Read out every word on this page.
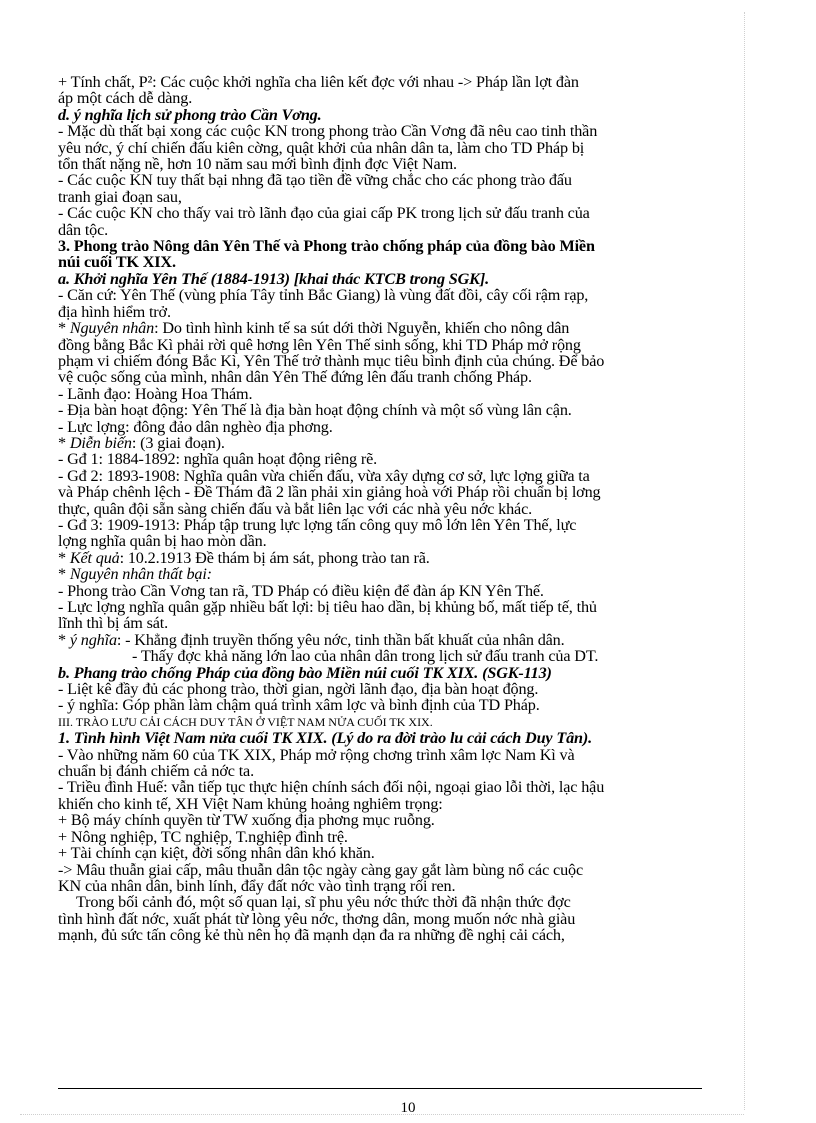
+ Tính chất, P²: Các cuộc khởi nghĩa cha liên kết đợc với nhau -> Pháp lần lợt đàn

áp một cách dễ dàng.

d. ý nghĩa lịch sử phong trào Cần Vơng.

- Mặc dù thất bại xong các cuộc KN trong phong trào Cần Vơng đã nêu cao tinh thần

yêu nớc, ý chí chiến đấu kiên cờng, quật khởi của nhân dân ta, làm cho TD Pháp bị

tổn thất nặng nề, hơn 10 năm sau mới bình định đợc Việt Nam.

- Các cuộc KN tuy thất bại nhng đã tạo tiền đề vững chắc cho các phong trào đấu

tranh giai đoạn sau,

- Các cuộc KN cho thấy vai trò lãnh đạo của giai cấp PK trong lịch sử đấu tranh của

dân tộc.

3. Phong trào Nông dân Yên Thế và Phong trào chống pháp của đồng bào Miền

núi cuối TK XIX.

a. Khởi nghĩa Yên Thế (1884-1913) [khai thác KTCB trong SGK].

- Căn cứ: Yên Thế (vùng phía Tây tỉnh Bắc Giang) là vùng đất đồi, cây cối rậm rạp,

địa hình hiểm trở.

* Nguyên nhân: Do tình hình kinh tế sa sút dới thời Nguyễn, khiến cho nông dân

đồng bằng Bắc Kì phải rời quê hơng lên Yên Thế sinh sống, khi TD Pháp mở rộng

phạm vi chiếm đóng Bắc Kì, Yên Thế trở thành mục tiêu bình định của chúng. Để bảo

vệ cuộc sống của mình, nhân dân Yên Thế đứng lên đấu tranh chống Pháp.

- Lãnh đạo: Hoàng Hoa Thám.

- Địa bàn hoạt động: Yên Thế là địa bàn hoạt động chính và một số vùng lân cận.

- Lực lợng: đông đảo dân nghèo địa phơng.

* Diễn biến: (3 giai đoạn).

- Gđ 1: 1884-1892: nghĩa quân hoạt động riêng rẽ.

- Gđ 2: 1893-1908: Nghĩa quân vừa chiến đấu, vừa xây dựng cơ sở, lực lợng giữa ta

và Pháp chênh lệch - Đề Thám đã 2 lần phải xin giảng hoà với Pháp rồi chuẩn bị lơng

thực, quân đội sẵn sàng chiến đấu và bắt liên lạc với các nhà yêu nớc khác.

- Gđ 3: 1909-1913: Pháp tập trung lực lợng tấn công quy mô lớn lên Yên Thế, lực

lợng nghĩa quân bị hao mòn dần.

* Kết quả: 10.2.1913 Đề thám bị ám sát, phong trào tan rã.

* Nguyên nhân thất bại:

- Phong trào Cần Vơng tan rã, TD Pháp có điều kiện để đàn áp KN Yên Thế.

- Lực lợng nghĩa quân gặp nhiều bất lợi: bị tiêu hao dần, bị khủng bố, mất tiếp tế, thủ

lĩnh thì bị ám sát.

* ý nghĩa: - Khẳng định truyền thống yêu nớc, tinh thần bất khuất của nhân dân.

- Thấy đợc khả năng lớn lao của nhân dân trong lịch sử đấu tranh của DT.

b. Phang trào chống Pháp của đồng bào Miền núi cuối TK XIX. (SGK-113)

- Liệt kê đầy đủ các phong trào, thời gian, ngời lãnh đạo, địa bàn hoạt động.

- ý nghĩa: Góp phần làm chậm quá trình xâm lợc và bình định của TD Pháp.

III. TRÀO LƯU CẢI CÁCH DUY TÂN Ở VIỆT NAM NỬA CUỐI TK XIX.

1. Tình hình Việt Nam nửa cuối TK XIX. (Lý do ra đời trào lu cải cách Duy Tân).

- Vào những năm 60 của TK XIX, Pháp mở rộng chơng trình xâm lợc Nam Kì và

chuẩn bị đánh chiếm cả nớc ta.

- Triều đình Huế: vẫn tiếp tục thực hiện chính sách đối nội, ngoại giao lỗi thời, lạc hậu

khiến cho kinh tế, XH Việt Nam khủng hoảng nghiêm trọng:

+ Bộ máy chính quyền từ TW xuống địa phơng mục ruỗng.

+ Nông nghiệp, TC nghiệp, T.nghiệp đình trệ.

+ Tài chính cạn kiệt, đời sống nhân dân khó khăn.

-> Mâu thuẫn giai cấp, mâu thuẫn dân tộc ngày càng gay gắt làm bùng nổ các cuộc

KN của nhân dân, binh lính, đẩy đất nớc vào tình trạng rối ren.

Trong bối cảnh đó, một số quan lại, sĩ phu yêu nớc thức thời đã nhận thức đợc

tình hình đất nớc, xuất phát từ lòng yêu nớc, thơng dân, mong muốn nớc nhà giàu

mạnh, đủ sức tấn công kẻ thù nên họ đã mạnh dạn đa ra những đề nghị cải cách,

10
